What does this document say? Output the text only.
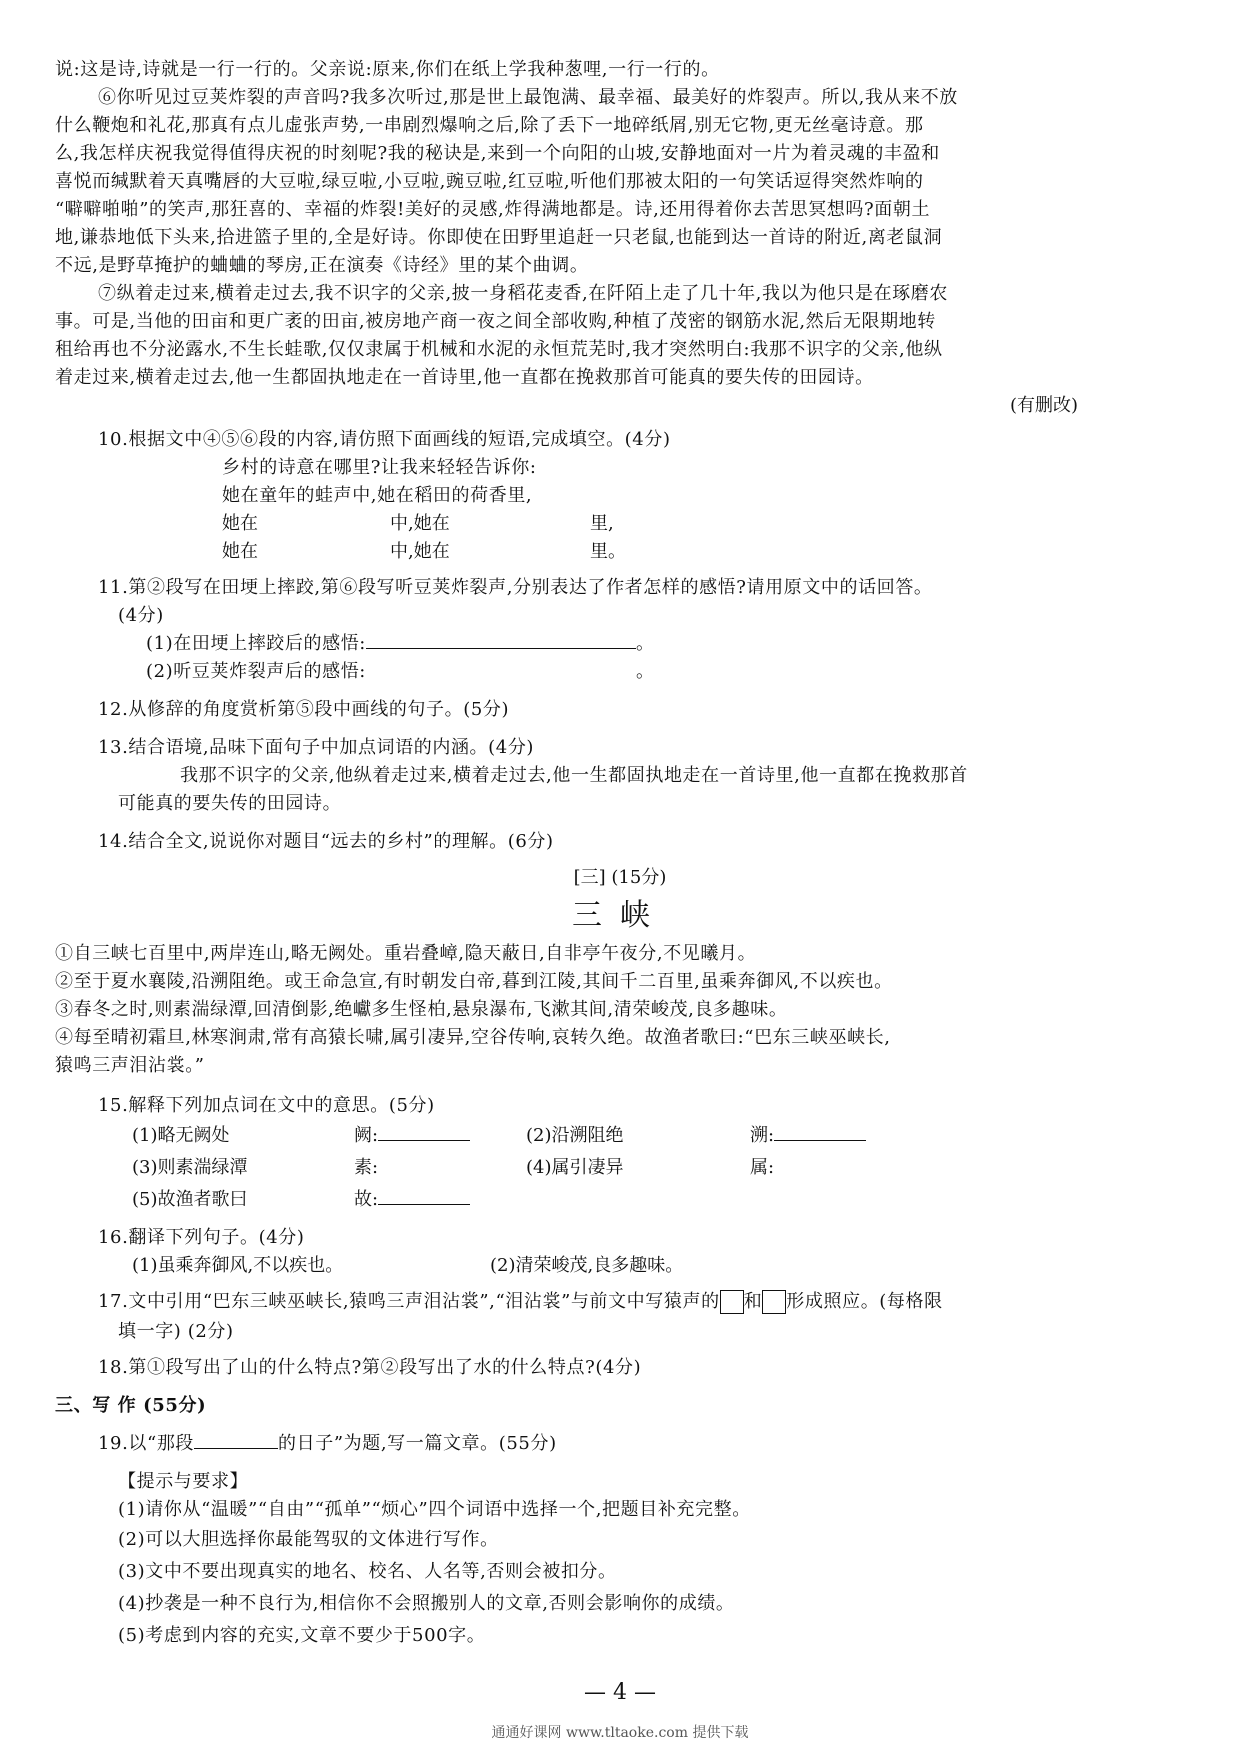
说:这是诗,诗就是一行一行的。父亲说:原来,你们在纸上学我种葱哩,一行一行的。
⑥你听见过豆荚炸裂的声音吗?我多次听过,那是世上最饱满、最幸福、最美好的炸裂声。所以,我从来不放
什么鞭炮和礼花,那真有点儿虚张声势,一串剧烈爆响之后,除了丢下一地碎纸屑,别无它物,更无丝毫诗意。那
么,我怎样庆祝我觉得值得庆祝的时刻呢?我的秘诀是,来到一个向阳的山坡,安静地面对一片为着灵魂的丰盈和
喜悦而缄默着天真嘴唇的大豆啦,绿豆啦,小豆啦,豌豆啦,红豆啦,听他们那被太阳的一句笑话逗得突然炸响的
“噼噼啪啪”的笑声,那狂喜的、幸福的炸裂!美好的灵感,炸得满地都是。诗,还用得着你去苦思冥想吗?面朝土
地,谦恭地低下头来,拾进篮子里的,全是好诗。你即使在田野里追赶一只老鼠,也能到达一首诗的附近,离老鼠洞
不远,是野草掩护的蛐蛐的琴房,正在演奏《诗经》里的某个曲调。
⑦纵着走过来,横着走过去,我不识字的父亲,披一身稻花麦香,在阡陌上走了几十年,我以为他只是在琢磨农
事。可是,当他的田亩和更广袤的田亩,被房地产商一夜之间全部收购,种植了茂密的钢筋水泥,然后无限期地转
租给再也不分泌露水,不生长蛙歌,仅仅隶属于机械和水泥的永恒荒芜时,我才突然明白:我那不识字的父亲,他纵
着走过来,横着走过去,他一生都固执地走在一首诗里,他一直都在挽救那首可能真的要失传的田园诗。
(有删改)
10.根据文中④⑤⑥段的内容,请仿照下面画线的短语,完成填空。(4分)
乡村的诗意在哪里?让我来轻轻告诉你:
她在童年的蛙声中,她在稻田的荷香里,
她在	中,她在	里,
她在	中,她在	里。
11.第②段写在田埂上摔跤,第⑥段写听豆荚炸裂声,分别表达了作者怎样的感悟?请用原文中的话回答。
(4分)
(1)在田埂上摔跤后的感悟:	。
(2)听豆荚炸裂声后的感悟:	。
12.从修辞的角度赏析第⑤段中画线的句子。(5分)
13.结合语境,品味下面句子中加点词语的内涵。(4分)
我那不识字的父亲,他纵着走过来,横着走过去,他一生都固执地走在一首诗里,他一直都在挽救那首
可能真的要失传的田园诗。
14.结合全文,说说你对题目“远去的乡村”的理解。(6分)
[三] (15分)
三峡
①自三峡七百里中,两岸连山,略无阙处。重岩叠嶂,隐天蔽日,自非亭午夜分,不见曦月。
②至于夏水襄陵,沿溯阻绝。或王命急宣,有时朝发白帝,暮到江陵,其间千二百里,虽乘奔御风,不以疾也。
③春冬之时,则素湍绿潭,回清倒影,绝巘多生怪柏,悬泉瀑布,飞漱其间,清荣峻茂,良多趣味。
④每至晴初霜旦,林寒涧肃,常有高猿长啸,属引凄异,空谷传响,哀转久绝。故渔者歌曰:“巴东三峡巫峡长,
猿鸣三声泪沾裳。”
15.解释下列加点词在文中的意思。(5分)
(1)略无阙处	阙:	(2)沿溯阻绝	溯:
(3)则素湍绿潭	素:	(4)属引凄异	属:
(5)故渔者歌曰	故:
16.翻译下列句子。(4分)
(1)虽乘奔御风,不以疾也。	(2)清荣峻茂,良多趣味。
17.文中引用“巴东三峡巫峡长,猿鸣三声泪沾裳”,“泪沾裳”与前文中写猿声的 和 形成照应。(每格限
填一字) (2分)
18.第①段写出了山的什么特点?第②段写出了水的什么特点?(4分)
三、写 作 (55分)
19.以“那段	的日子”为题,写一篇文章。(55分)
【提示与要求】
(1)请你从“温暖”“自由”“孤单”“烦心”四个词语中选择一个,把题目补充完整。
(2)可以大胆选择你最能驾驭的文体进行写作。
(3)文中不要出现真实的地名、校名、人名等,否则会被扣分。
(4)抄袭是一种不良行为,相信你不会照搬别人的文章,否则会影响你的成绩。
(5)考虑到内容的充实,文章不要少于500字。
— 4 —
通通好课网 www.tltaoke.com 提供下载
